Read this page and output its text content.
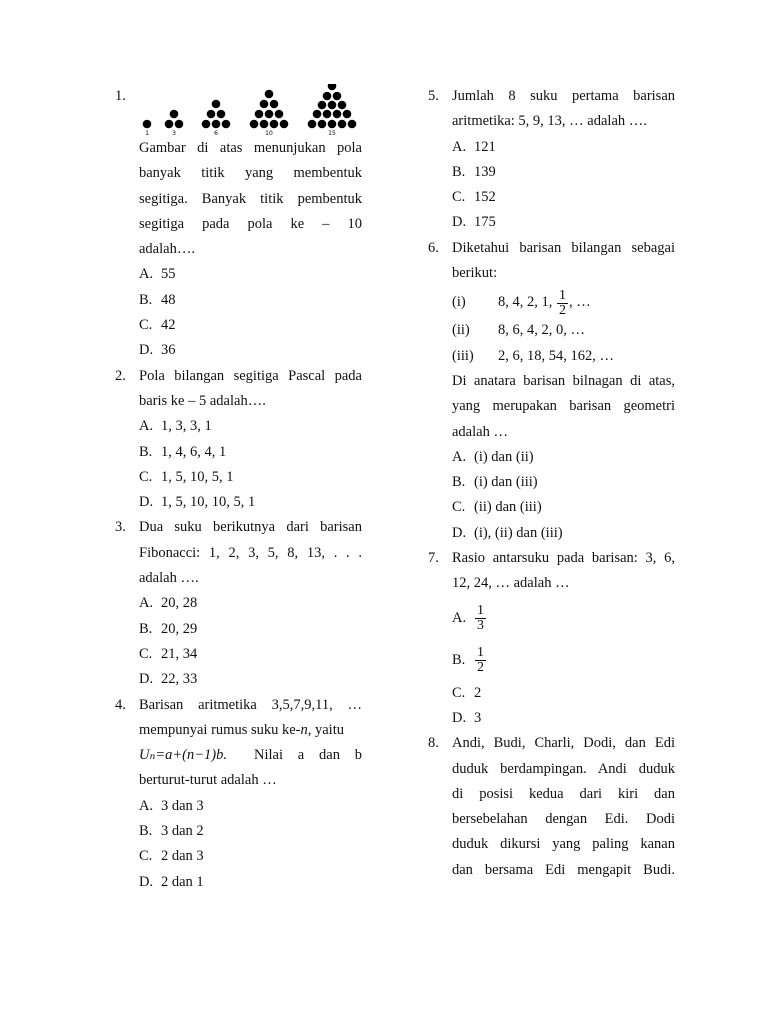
1.
1	3	6	10	15
Gambar di atas menunjukan pola
banyak titik yang membentuk
segitiga. Banyak titik pembentuk
segitiga pada pola ke – 10
adalah….
A. 55
B. 48
C. 42
D. 36
2. Pola bilangan segitiga Pascal pada
baris ke – 5 adalah….
A. 1, 3, 3, 1
B. 1, 4, 6, 4, 1
C. 1, 5, 10, 5, 1
D. 1, 5, 10, 10, 5, 1
3. Dua suku berikutnya dari barisan
Fibonacci: 1, 2, 3, 5, 8, 13, . . .
adalah ….
A. 20, 28
B. 20, 29
C. 21, 34
D. 22, 33
4. Barisan aritmetika 3,5,7,9,11, …
mempunyai rumus suku ke- n , yaitu
Uₙ=a+(n−1)b. Nilai a dan b
berturut-turut adalah …
A. 3 dan 3
B. 3 dan 2
C. 2 dan 3
D. 2 dan 1
5. Jumlah 8 suku pertama barisan
aritmetika: 5, 9, 13, … adalah ….
A. 121
B. 139
C. 152
D. 175
6. Diketahui barisan bilangan sebagai
berikut:
(i) 8, 4, 2, 1, $\frac{1}{2}$ , …
(ii) 8, 6, 4, 2, 0, …
(iii) 2, 6, 18, 54, 162, …
Di anatara barisan bilnagan di atas,
yang merupakan barisan geometri
adalah …
A. (i) dan (ii)
B. (i) dan (iii)
C. (ii) dan (iii)
D. (i), (ii) dan (iii)
7. Rasio antarsuku pada barisan: 3, 6,
12, 24, … adalah …
A. $\frac{1}{3}$
B. $\frac{1}{2}$
C. 2
D. 3
8. Andi, Budi, Charli, Dodi, dan Edi
duduk berdampingan. Andi duduk
di posisi kedua dari kiri dan
bersebelahan dengan Edi. Dodi
duduk dikursi yang paling kanan
dan bersama Edi mengapit Budi.
